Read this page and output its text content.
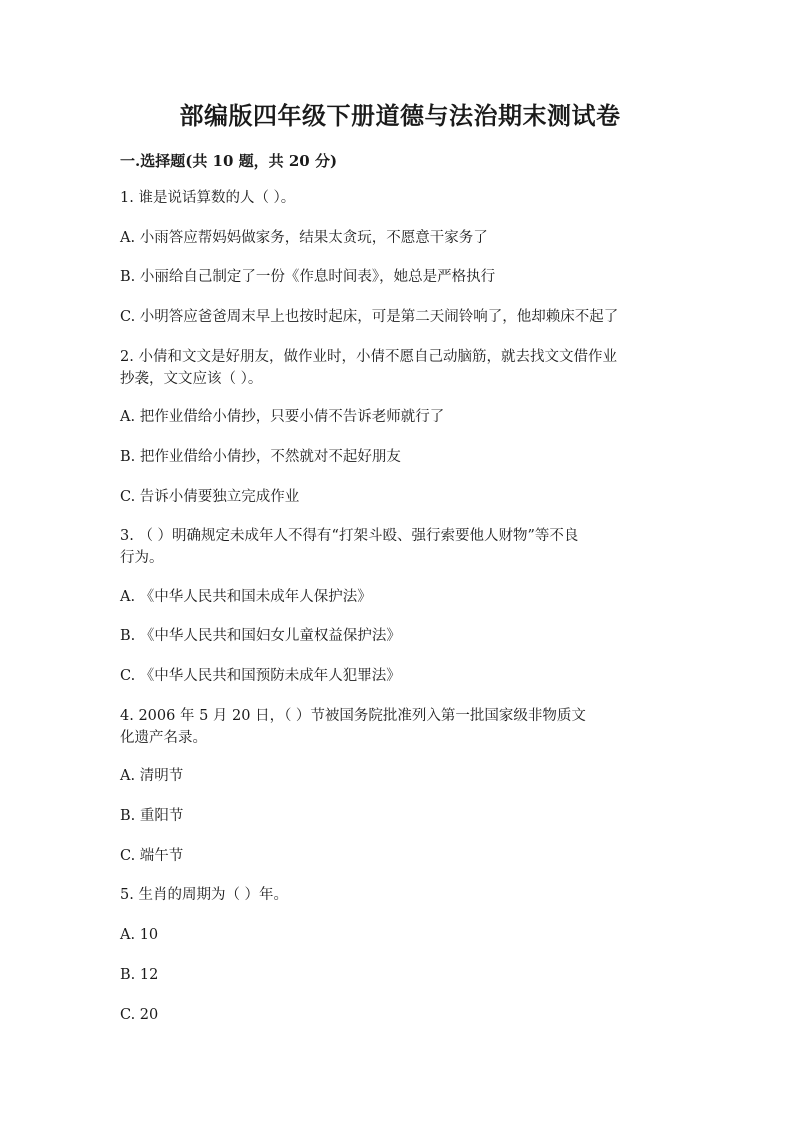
部编版四年级下册道德与法治期末测试卷
一.选择题(共 10 题，共 20 分)
1. 谁是说话算数的人（ ）。
A. 小雨答应帮妈妈做家务，结果太贪玩，不愿意干家务了
B. 小丽给自己制定了一份《作息时间表》，她总是严格执行
C. 小明答应爸爸周末早上也按时起床，可是第二天闹铃响了，他却赖床不起了
2. 小倩和文文是好朋友，做作业时，小倩不愿自己动脑筋，就去找文文借作业
抄袭，文文应该（ ）。
A. 把作业借给小倩抄，只要小倩不告诉老师就行了
B. 把作业借给小倩抄，不然就对不起好朋友
C. 告诉小倩要独立完成作业
3. （ ）明确规定未成年人不得有“打架斗殴、强行索要他人财物”等不良
行为。
A. 《中华人民共和国未成年人保护法》
B. 《中华人民共和国妇女儿童权益保护法》
C. 《中华人民共和国预防未成年人犯罪法》
4. 2006 年 5 月 20 日，（ ）节被国务院批准列入第一批国家级非物质文
化遗产名录。
A. 清明节
B. 重阳节
C. 端午节
5. 生肖的周期为（ ）年。
A. 10
B. 12
C. 20
